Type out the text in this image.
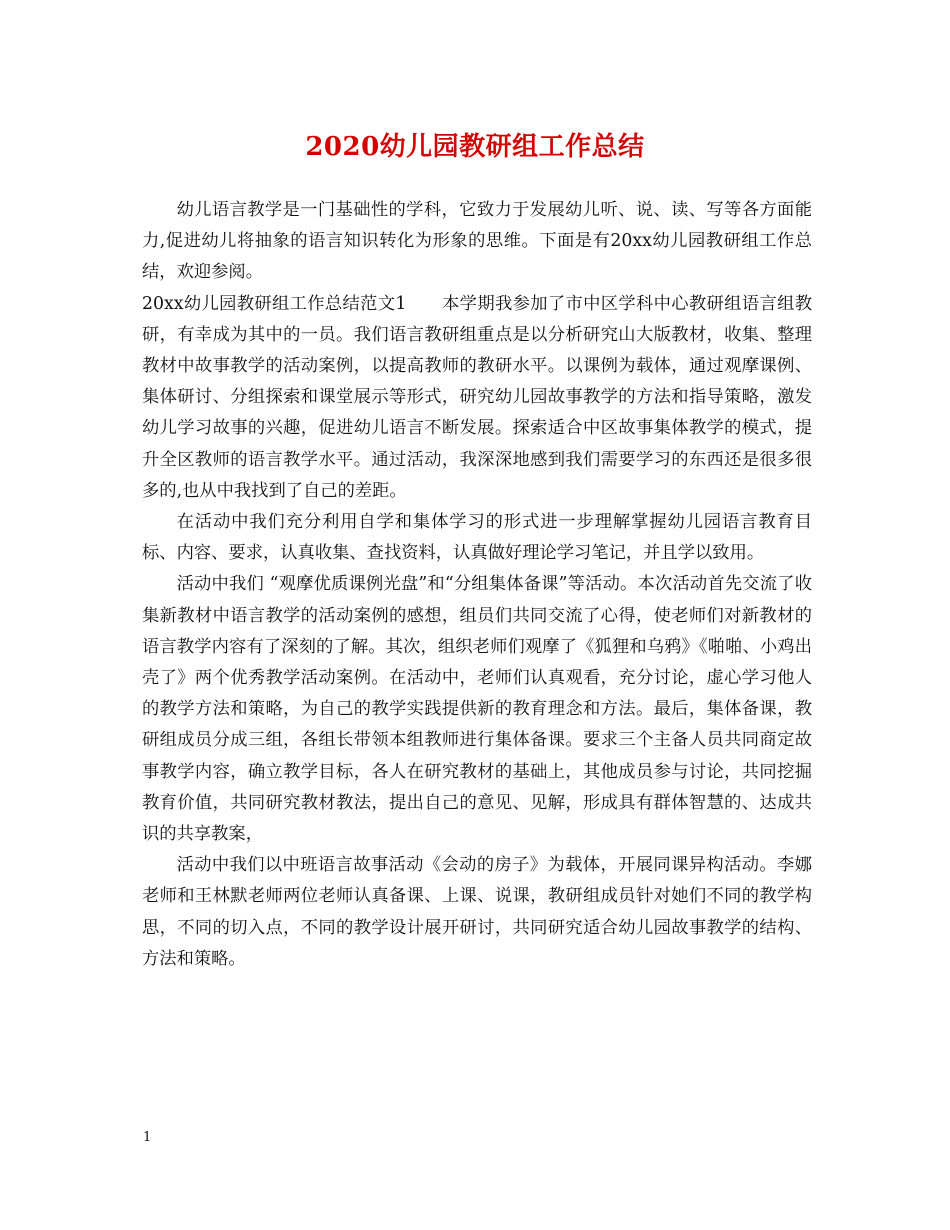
2020幼儿园教研组工作总结

幼儿语言教学是一门基础性的学科，它致力于发展幼儿听、说、读、写等各方面能力,促进幼儿将抽象的语言知识转化为形象的思维。下面是有20xx幼儿园教研组工作总结，欢迎参阅。

20xx幼儿园教研组工作总结范文1　　本学期我参加了市中区学科中心教研组语言组教研，有幸成为其中的一员。我们语言教研组重点是以分析研究山大版教材，收集、整理教材中故事教学的活动案例，以提高教师的教研水平。以课例为载体，通过观摩课例、集体研讨、分组探索和课堂展示等形式，研究幼儿园故事教学的方法和指导策略，激发幼儿学习故事的兴趣，促进幼儿语言不断发展。探索适合中区故事集体教学的模式，提升全区教师的语言教学水平。通过活动，我深深地感到我们需要学习的东西还是很多很多的,也从中我找到了自己的差距。

在活动中我们充分利用自学和集体学习的形式进一步理解掌握幼儿园语言教育目标、内容、要求，认真收集、查找资料，认真做好理论学习笔记，并且学以致用。

活动中我们 “观摩优质课例光盘”和“分组集体备课”等活动。本次活动首先交流了收集新教材中语言教学的活动案例的感想，组员们共同交流了心得，使老师们对新教材的语言教学内容有了深刻的了解。其次，组织老师们观摩了《狐狸和乌鸦》《啪啪、小鸡出壳了》两个优秀教学活动案例。在活动中，老师们认真观看，充分讨论，虚心学习他人的教学方法和策略，为自己的教学实践提供新的教育理念和方法。最后，集体备课，教研组成员分成三组，各组长带领本组教师进行集体备课。要求三个主备人员共同商定故事教学内容，确立教学目标，各人在研究教材的基础上，其他成员参与讨论，共同挖掘教育价值，共同研究教材教法，提出自己的意见、见解，形成具有群体智慧的、达成共识的共享教案，

活动中我们以中班语言故事活动《会动的房子》为载体，开展同课异构活动。李娜老师和王林默老师两位老师认真备课、上课、说课，教研组成员针对她们不同的教学构思，不同的切入点，不同的教学设计展开研讨，共同研究适合幼儿园故事教学的结构、方法和策略。

1
